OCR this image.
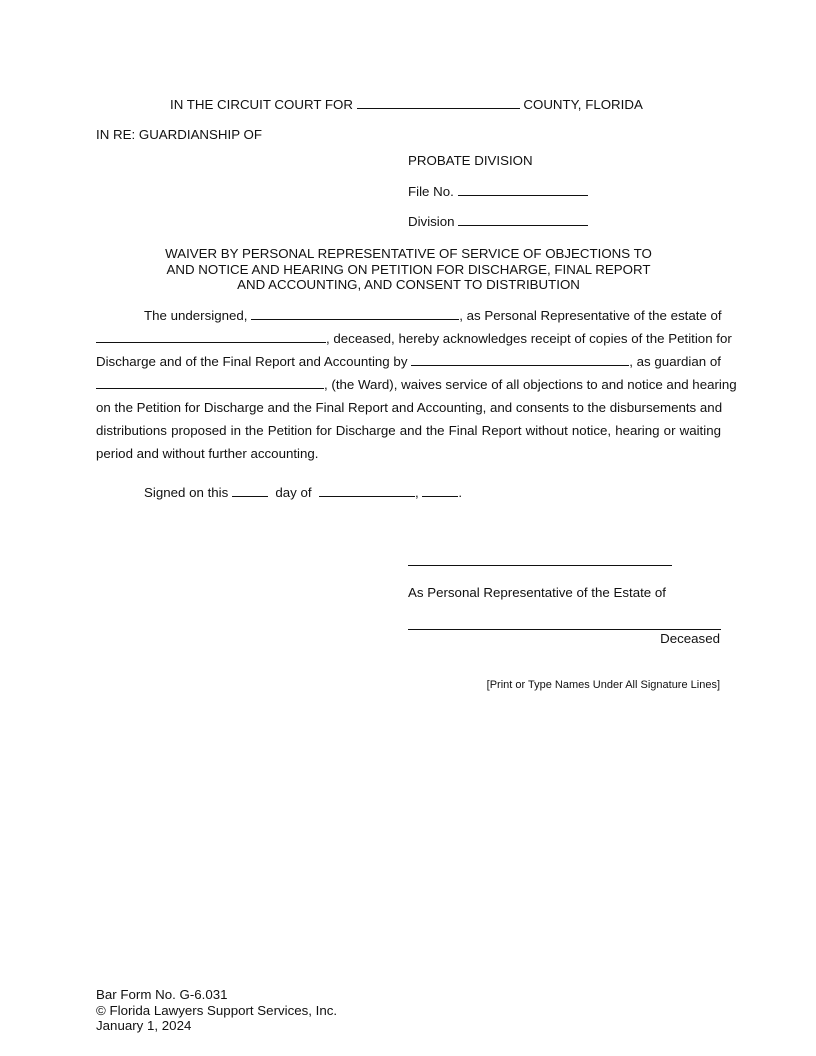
IN THE CIRCUIT COURT FOR	COUNTY, FLORIDA
IN RE: GUARDIANSHIP OF
PROBATE DIVISION
File No.
Division
WAIVER BY PERSONAL REPRESENTATIVE OF SERVICE OF OBJECTIONS TO
AND NOTICE AND HEARING ON PETITION FOR DISCHARGE, FINAL REPORT
AND ACCOUNTING, AND CONSENT TO DISTRIBUTION
The undersigned,	, as Personal Representative of the estate of
, deceased, hereby acknowledges receipt of copies of the Petition for
Discharge and of the Final Report and Accounting by	, as guardian of
, (the Ward), waives service of all objections to and notice and hearing
on the Petition for Discharge and the Final Report and Accounting, and consents to the disbursements and
distributions proposed in the Petition for Discharge and the Final Report without notice, hearing or waiting
period and without further accounting.
Signed on this	day of	,	.
As Personal Representative of the Estate of
Deceased
[Print or Type Names Under All Signature Lines]
Bar Form No. G-6.031
© Florida Lawyers Support Services, Inc.
January 1, 2024
